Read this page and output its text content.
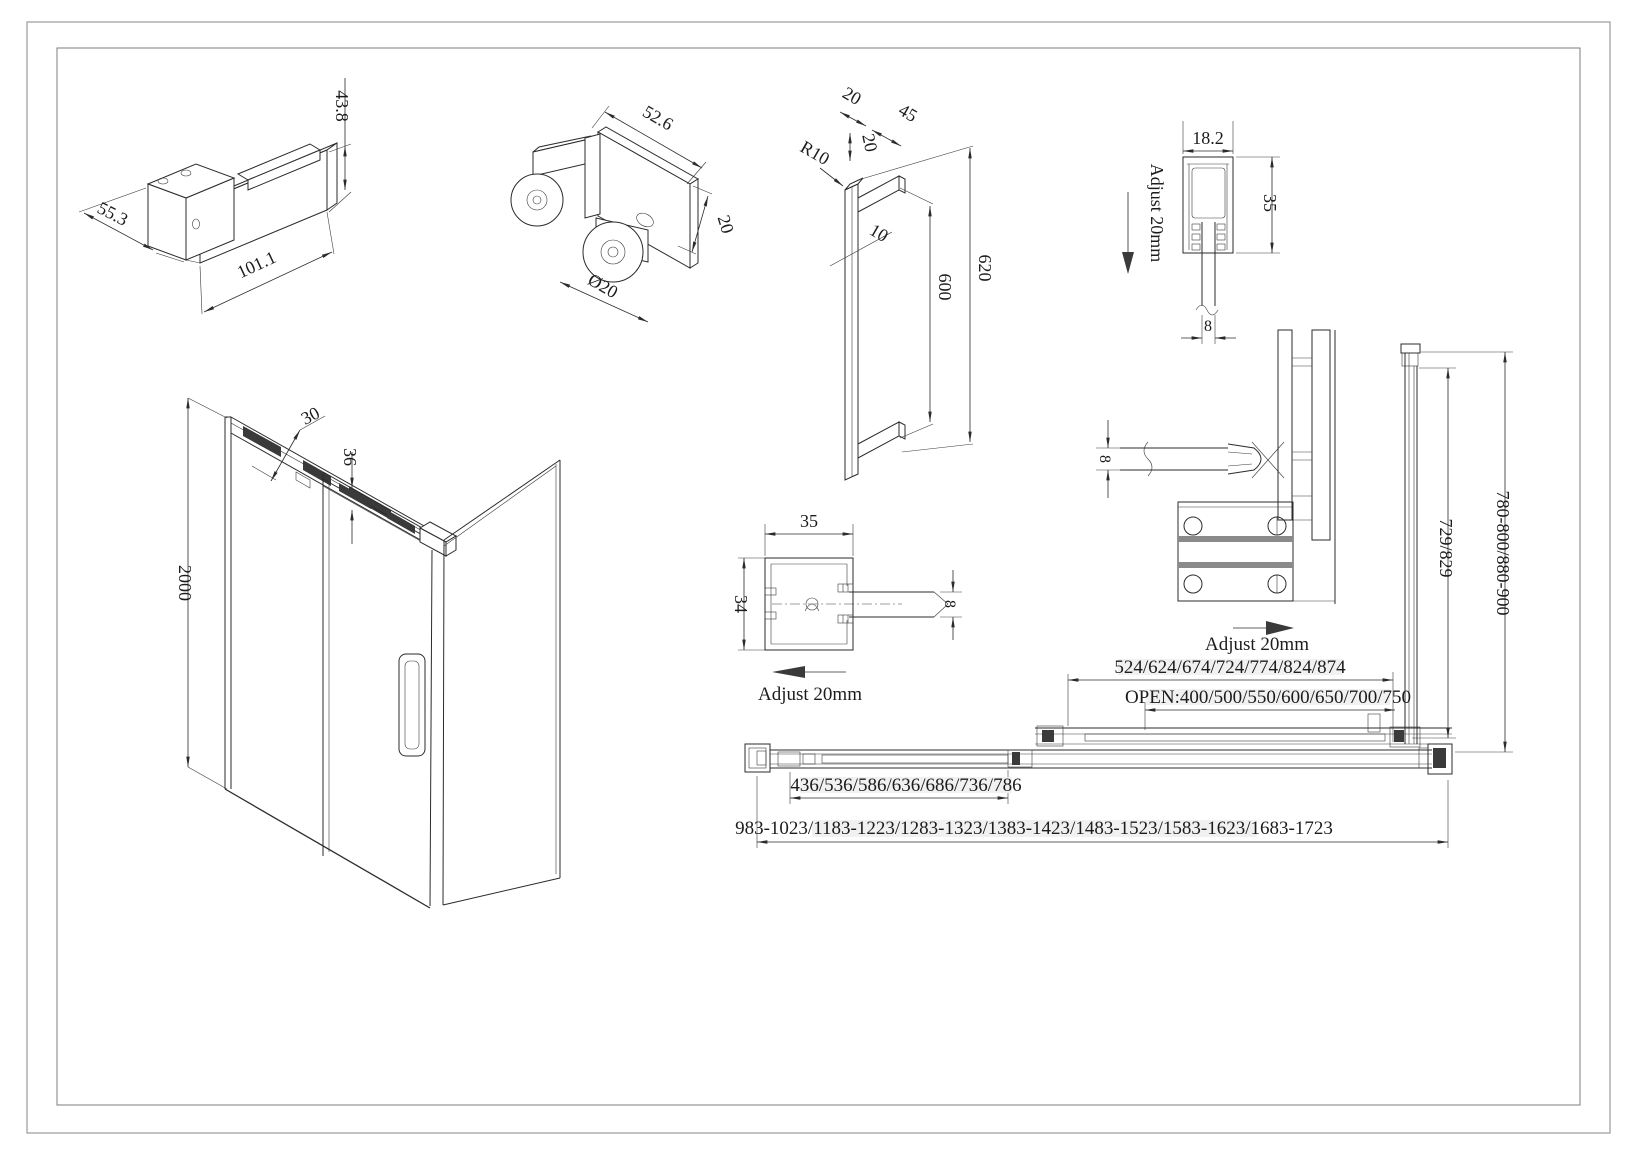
43.8
55.3
101.1
52.6
20
Ø20
20
45
20
R10
10
600
620
18.2
35
8
Adjust 20mm
2000
30
36
35
34	8
Adjust 20mm
8
Adjust 20mm
524/624/674/724/774/824/874
OPEN:400/500/550/600/650/700/750
436/536/586/636/686/736/786
983-1023/1183-1223/1283-1323/1383-1423/1483-1523/1583-1623/1683-1723
729/829 780-800/880-900
